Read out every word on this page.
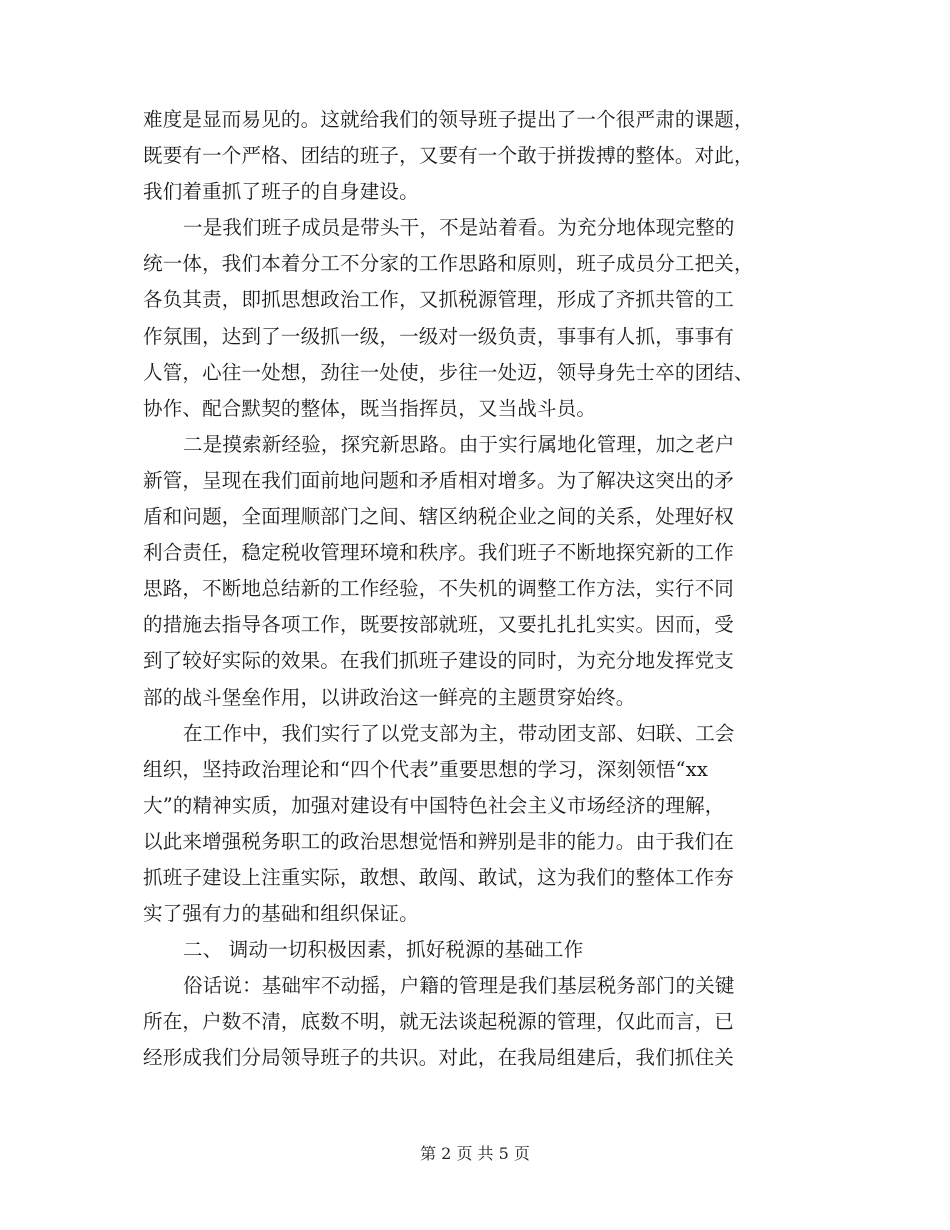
难度是显而易见的。这就给我们的领导班子提出了一个很严肃的课题，
既要有一个严格、团结的班子，又要有一个敢于拼拨搏的整体。对此，
我们着重抓了班子的自身建设。
一是我们班子成员是带头干，不是站着看。为充分地体现完整的
统一体，我们本着分工不分家的工作思路和原则，班子成员分工把关，
各负其责，即抓思想政治工作，又抓税源管理，形成了齐抓共管的工
作氛围，达到了一级抓一级，一级对一级负责，事事有人抓，事事有
人管，心往一处想，劲往一处使，步往一处迈，领导身先士卒的团结、
协作、配合默契的整体，既当指挥员，又当战斗员。
二是摸索新经验，探究新思路。由于实行属地化管理，加之老户
新管，呈现在我们面前地问题和矛盾相对增多。为了解决这突出的矛
盾和问题，全面理顺部门之间、辖区纳税企业之间的关系，处理好权
利合责任，稳定税收管理环境和秩序。我们班子不断地探究新的工作
思路，不断地总结新的工作经验，不失机的调整工作方法，实行不同
的措施去指导各项工作，既要按部就班，又要扎扎扎实实。因而，受
到了较好实际的效果。在我们抓班子建设的同时，为充分地发挥党支
部的战斗堡垒作用，以讲政治这一鲜亮的主题贯穿始终。
在工作中，我们实行了以党支部为主，带动团支部、妇联、工会
组织，坚持政治理论和“四个代表”重要思想的学习，深刻领悟“xx
大”的精神实质，加强对建设有中国特色社会主义市场经济的理解，
以此来增强税务职工的政治思想觉悟和辨别是非的能力。由于我们在
抓班子建设上注重实际，敢想、敢闯、敢试，这为我们的整体工作夯
实了强有力的基础和组织保证。
二、 调动一切积极因素，抓好税源的基础工作
俗话说：基础牢不动摇，户籍的管理是我们基层税务部门的关键
所在，户数不清，底数不明，就无法谈起税源的管理，仅此而言，已
经形成我们分局领导班子的共识。对此，在我局组建后，我们抓住关
第 2 页 共 5 页
